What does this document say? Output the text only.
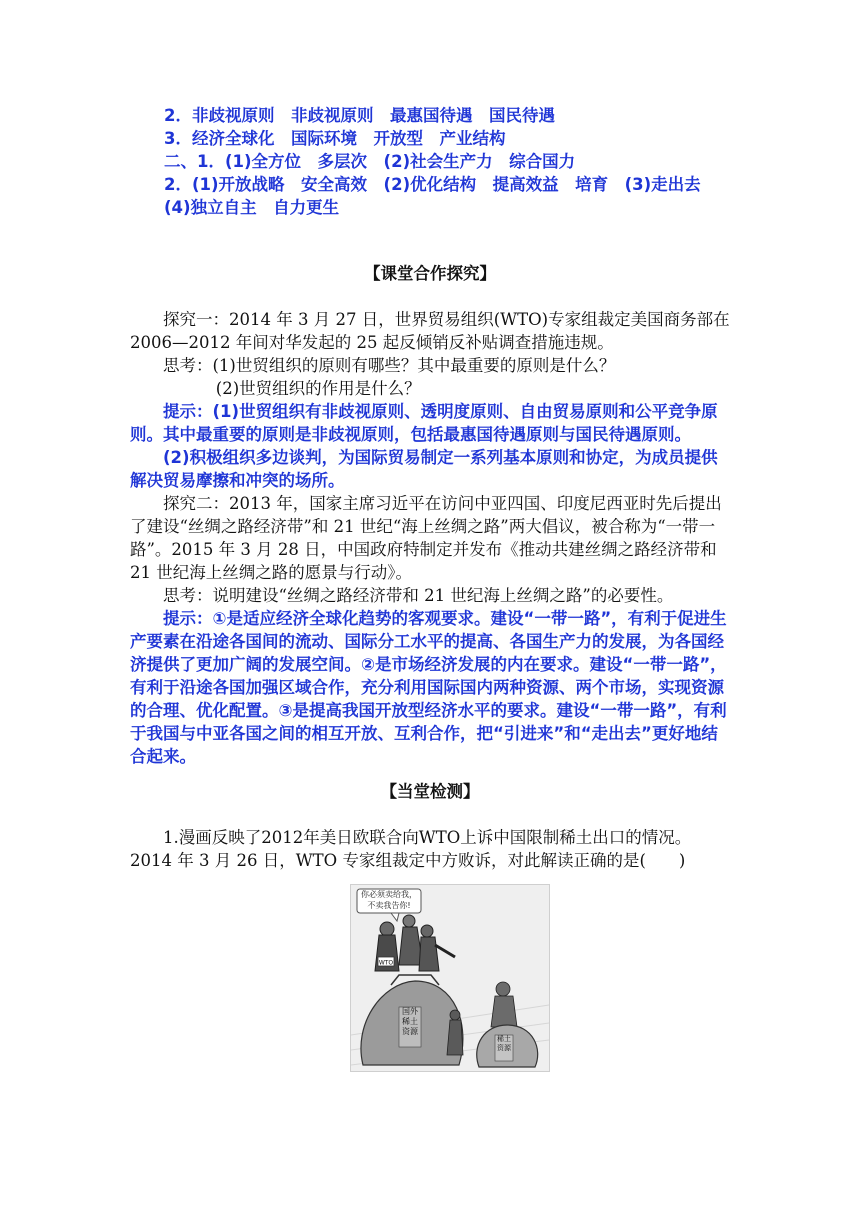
2．非歧视原则　非歧视原则　最惠国待遇　国民待遇
3．经济全球化　国际环境　开放型　产业结构
二、1．(1)全方位　多层次　(2)社会生产力　综合国力
2．(1)开放战略　安全高效　(2)优化结构　提高效益　培育　(3)走出去
(4)独立自主　自力更生
【课堂合作探究】

探究一：2014 年 3 月 27 日，世界贸易组织(WTO)专家组裁定美国商务部在2006—2012 年间对华发起的 25 起反倾销反补贴调查措施违规。

思考：(1)世贸组织的原则有哪些？其中最重要的原则是什么？

(2)世贸组织的作用是什么？

提示：(1)世贸组织有非歧视原则、透明度原则、自由贸易原则和公平竞争原则。其中最重要的原则是非歧视原则，包括最惠国待遇原则与国民待遇原则。

(2)积极组织多边谈判，为国际贸易制定一系列基本原则和协定，为成员提供解决贸易摩擦和冲突的场所。

探究二：2013 年，国家主席习近平在访问中亚四国、印度尼西亚时先后提出了建设“丝绸之路经济带”和 21 世纪“海上丝绸之路”两大倡议，被合称为“一带一路”。2015 年 3 月 28 日，中国政府特制定并发布《推动共建丝绸之路经济带和 21 世纪海上丝绸之路的愿景与行动》。

思考：说明建设“丝绸之路经济带和 21 世纪海上丝绸之路”的必要性。

提示：①是适应经济全球化趋势的客观要求。建设“一带一路”，有利于促进生产要素在沿途各国间的流动、国际分工水平的提高、各国生产力的发展，为各国经济提供了更加广阔的发展空间。②是市场经济发展的内在要求。建设“一带一路”，有利于沿途各国加强区域合作，充分利用国际国内两种资源、两个市场，实现资源的合理、优化配置。③是提高我国开放型经济水平的要求。建设“一带一路”，有利于我国与中亚各国之间的相互开放、互利合作，把“引进来”和“走出去”更好地结合起来。

【当堂检测】

1.漫画反映了2012年美日欧联合向WTO上诉中国限制稀土出口的情况。2014 年 3 月 26 日，WTO 专家组裁定中方败诉，对此解读正确的是(　　)

你必须卖给我，不卖我告你!
WTO
国外稀土资源
稀土资源
